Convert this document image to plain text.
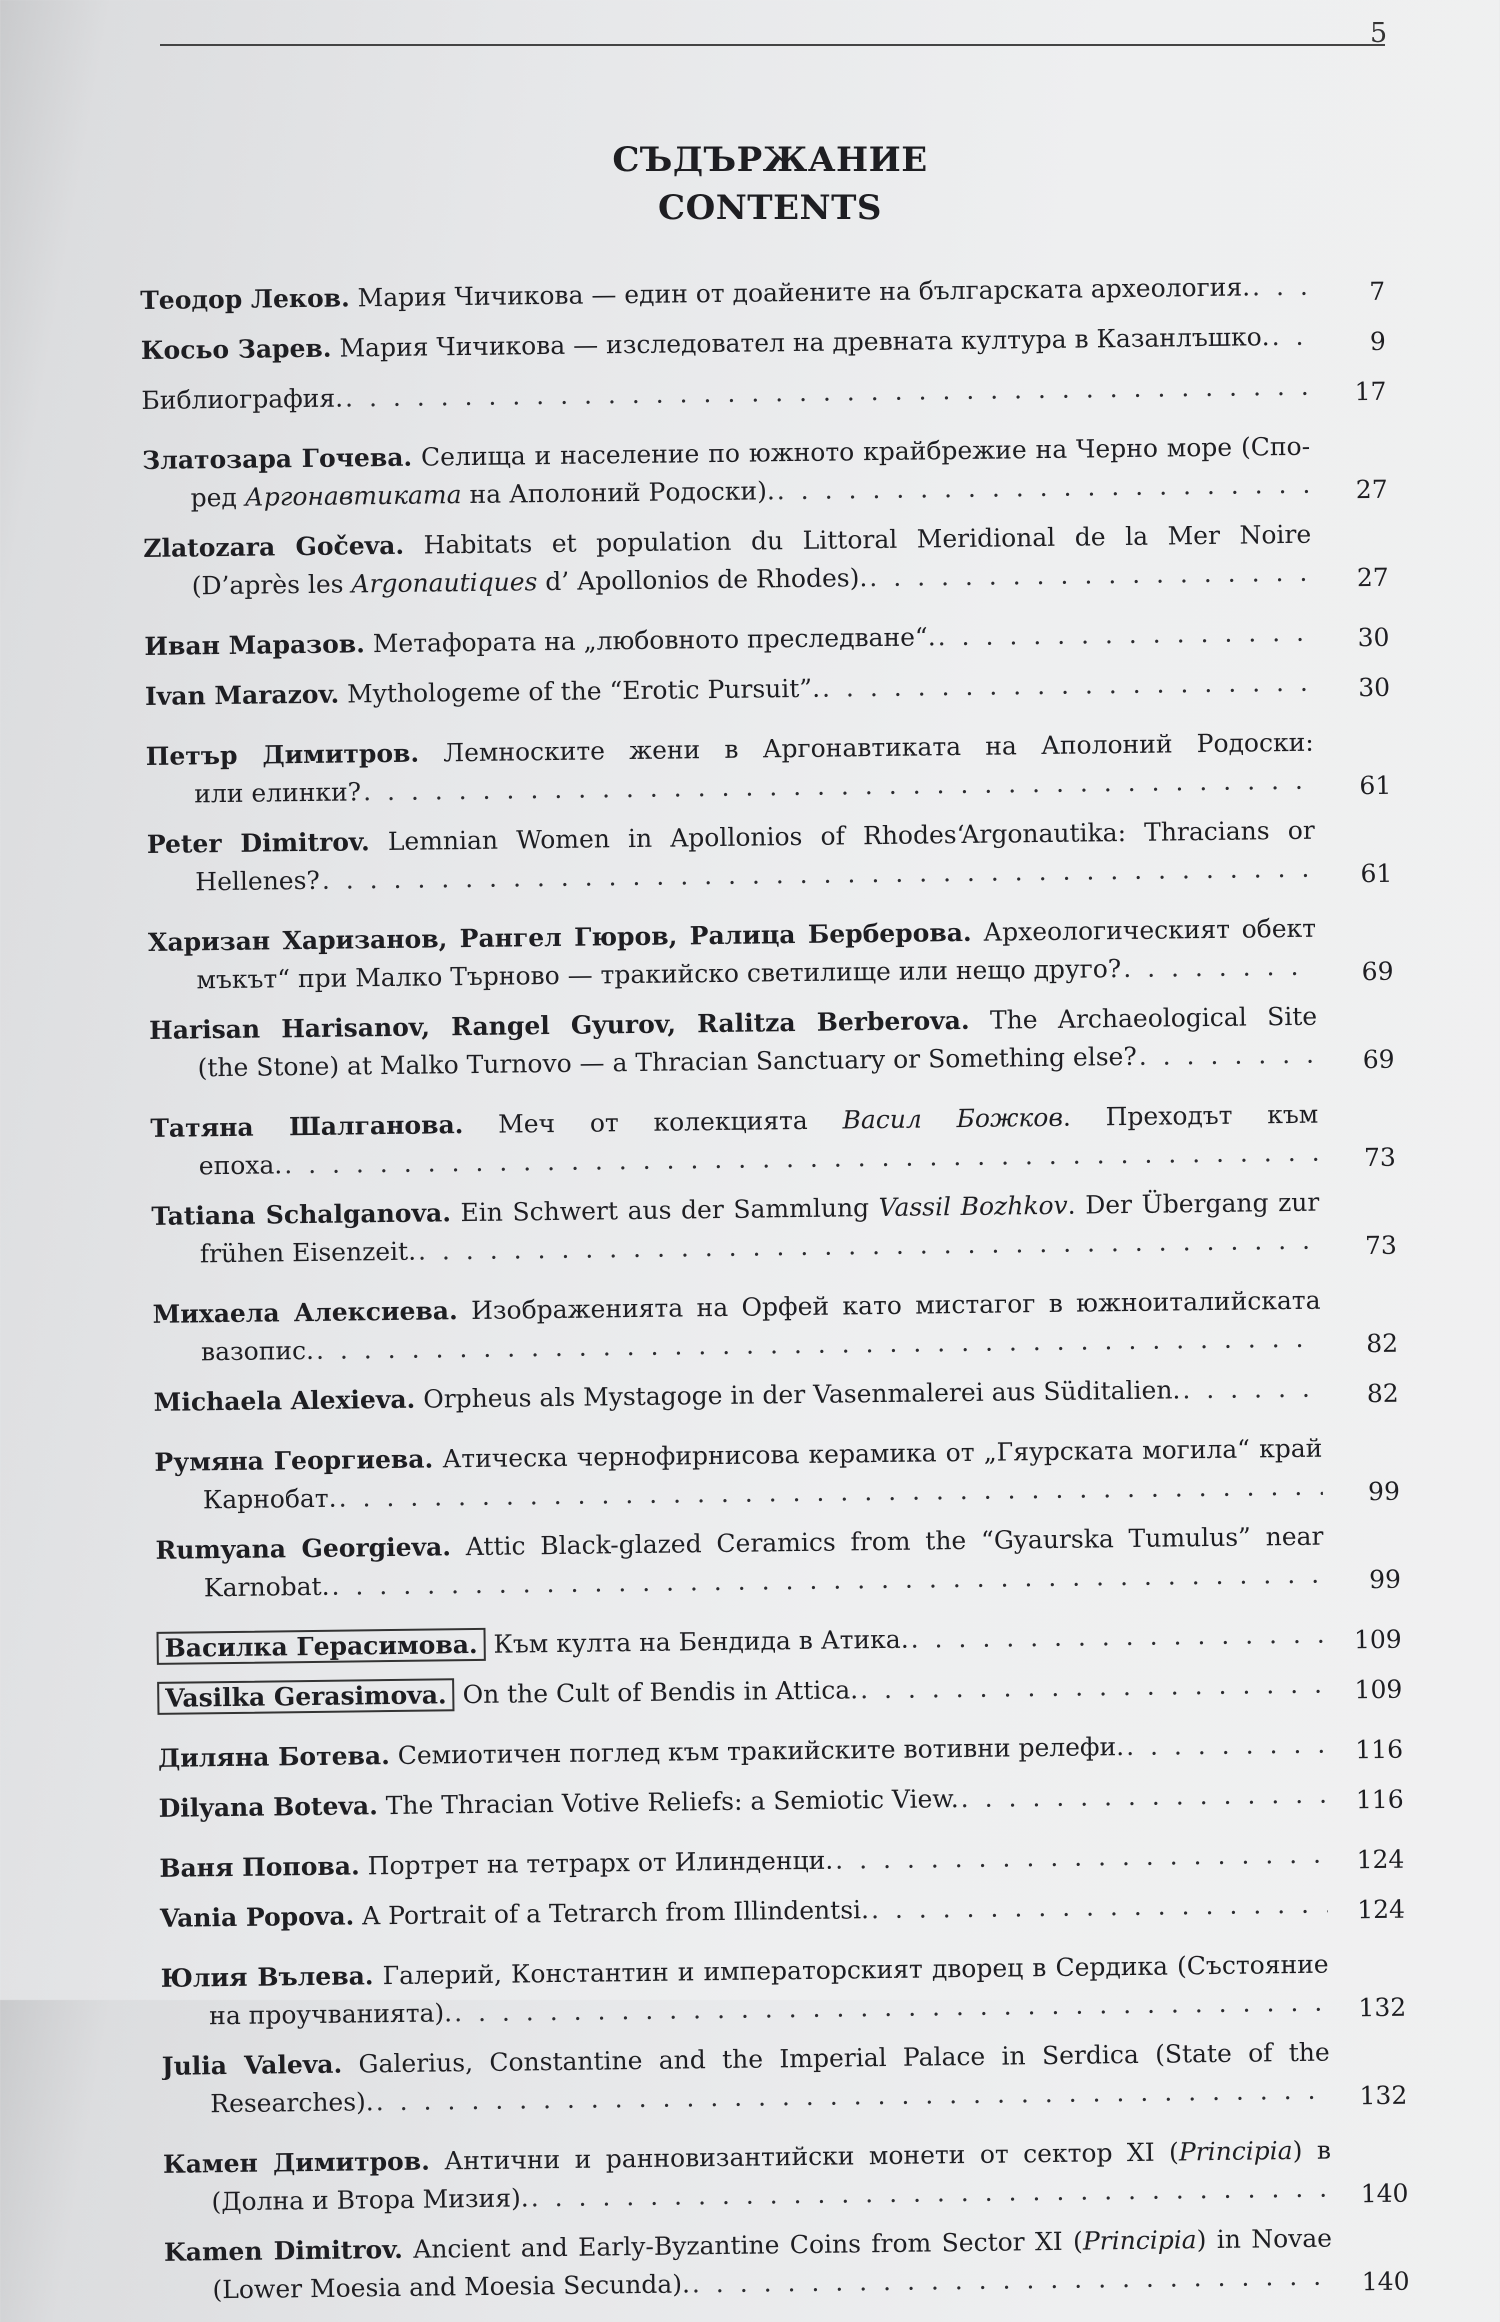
5
СЪДЪРЖАНИЕ
CONTENTS
Теодор Леков. Мария Чичикова — един от доайените на българската археология. . . .	7
Косьо Зарев. Мария Чичикова — изследовател на древната култура в Казанлъшко. . . .	9
Библиография. . . .	17
Златозара Гочева. Селища и население по южното крайбрежие на Черно море (Спо-
ред Аргонавтиката на Аполоний Родоски). . . .	27
Zlatozara Gočeva. Habitats et population du Littoral Meridional de la Mer Noire
(D’après les Argonautiques d’ Apollonios de Rhodes). . . .	27
Иван Маразов. Метафората на „любовното преследване“. . . .	30
Ivan Marazov. Mythologeme of the “Erotic Pursuit”. . . .	30
Петър Димитров. Лемноските жени в Аргонавтиката на Аполоний Родоски:
или елинки? . . .	61
Peter Dimitrov. Lemnian Women in Apollonios of Rhodes‘Argonautika: Thracians or
Hellenes? . . .	61
Харизан Харизанов, Рангел Гюров, Ралица Берберова. Археологическият обект
мъкът“ при Малко Търново — тракийско светилище или нещо друго? . . .	69
Harisan Harisanov, Rangel Gyurov, Ralitza Berberova. The Archaeological Site
(the Stone) at Malko Turnovo — a Thracian Sanctuary or Something else? . . .	69
Татяна Шалганова. Меч от колекцията Васил Божков. Преходът към
епоха. . . .	73
Tatiana Schalganova. Ein Schwert aus der Sammlung Vassil Bozhkov. Der Übergang zur
frühen Eisenzeit. . . .	73
Михаела Алексиева. Изображенията на Орфей като мистагог в южноиталийската
вазопис. . . .	82
Michaela Alexieva. Orpheus als Mystagoge in der Vasenmalerei aus Süditalien. . . .	82
Румяна Георгиева. Атическа чернофирнисова керамика от „Гяурската могила“ край
Карнобат. . . .	99
Rumyana Georgieva. Attic Black-glazed Ceramics from the “Gyaurska Tumulus” near
Karnobat. . . .	99
Василка Герасимова. Към култа на Бендида в Атика. . . .	109
Vasilka Gerasimova. On the Cult of Bendis in Attica. . . .	109
Диляна Ботева. Семиотичен поглед към тракийските вотивни релефи. . . .	116
Dilyana Boteva. The Thracian Votive Reliefs: a Semiotic View. . . .	116
Ваня Попова. Портрет на тетрарх от Илинденци. . . .	124
Vania Popova. A Portrait of a Tetrarch from Illindentsi. . . .	124
Юлия Вълева. Галерий, Константин и императорският дворец в Сердика (Състояние
на проучванията). . . .	132
Julia Valeva. Galerius, Constantine and the Imperial Palace in Serdica (State of the
Researches). . . .	132
Камен Димитров. Антични и ранновизантийски монети от сектор XI (Principia) в
(Долна и Втора Мизия). . . .	140
Kamen Dimitrov. Ancient and Early-Byzantine Coins from Sector XI (Principia) in Novae
(Lower Moesia and Moesia Secunda). . . .	140
